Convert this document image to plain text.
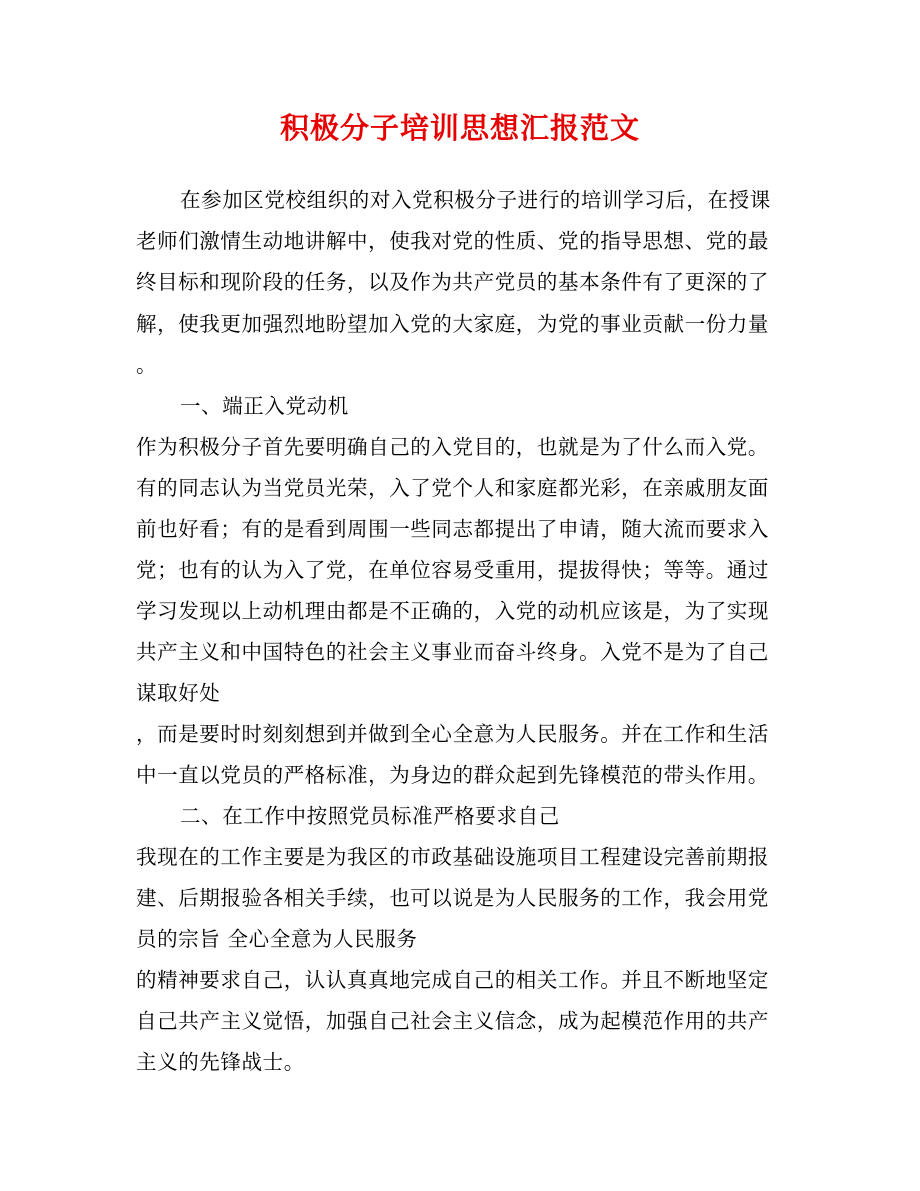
积极分子培训思想汇报范文
在参加区党校组织的对入党积极分子进行的培训学习后，在授课
老师们激情生动地讲解中，使我对党的性质、党的指导思想、党的最
终目标和现阶段的任务，以及作为共产党员的基本条件有了更深的了
解，使我更加强烈地盼望加入党的大家庭，为党的事业贡献一份力量
。
一、端正入党动机
作为积极分子首先要明确自己的入党目的，也就是为了什么而入党。
有的同志认为当党员光荣，入了党个人和家庭都光彩，在亲戚朋友面
前也好看；有的是看到周围一些同志都提出了申请，随大流而要求入
党；也有的认为入了党，在单位容易受重用，提拔得快；等等。通过
学习发现以上动机理由都是不正确的，入党的动机应该是，为了实现
共产主义和中国特色的社会主义事业而奋斗终身。入党不是为了自己
谋取好处
，而是要时时刻刻想到并做到全心全意为人民服务。并在工作和生活
中一直以党员的严格标准，为身边的群众起到先锋模范的带头作用。
二、在工作中按照党员标准严格要求自己
我现在的工作主要是为我区的市政基础设施项目工程建设完善前期报
建、后期报验各相关手续，也可以说是为人民服务的工作，我会用党
员的宗旨 全心全意为人民服务
的精神要求自己，认认真真地完成自己的相关工作。并且不断地坚定
自己共产主义觉悟，加强自己社会主义信念，成为起模范作用的共产
主义的先锋战士。
